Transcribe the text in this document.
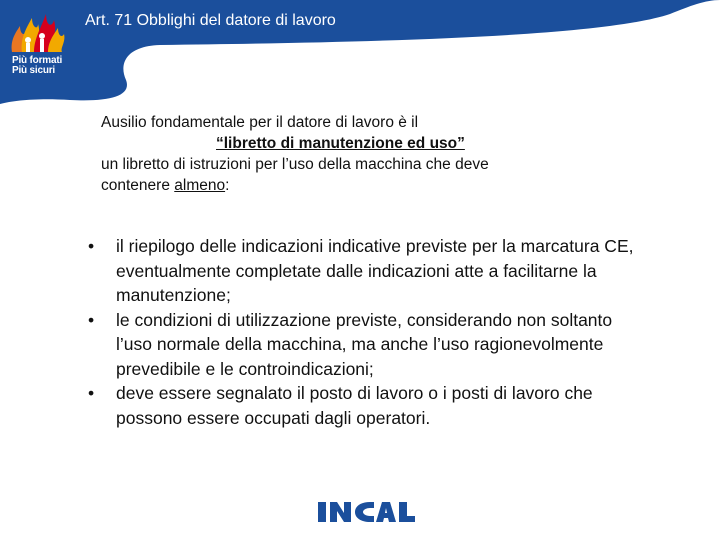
Più formati
Più sicuri
Art. 71 Obblighi del datore di lavoro
Ausilio fondamentale per il datore di lavoro è il
“libretto di manutenzione ed uso”
un libretto di istruzioni per l’uso della macchina che deve
contenere almeno:
• il riepilogo delle indicazioni indicative previste per la marcatura CE, eventualmente completate dalle indicazioni atte a facilitarne la manutenzione;
• le condizioni di utilizzazione previste, considerando non soltanto l’uso normale della macchina, ma anche l’uso ragionevolmente prevedibile e le controindicazioni;
• deve essere segnalato il posto di lavoro o i posti di lavoro che possono essere occupati dagli operatori.
